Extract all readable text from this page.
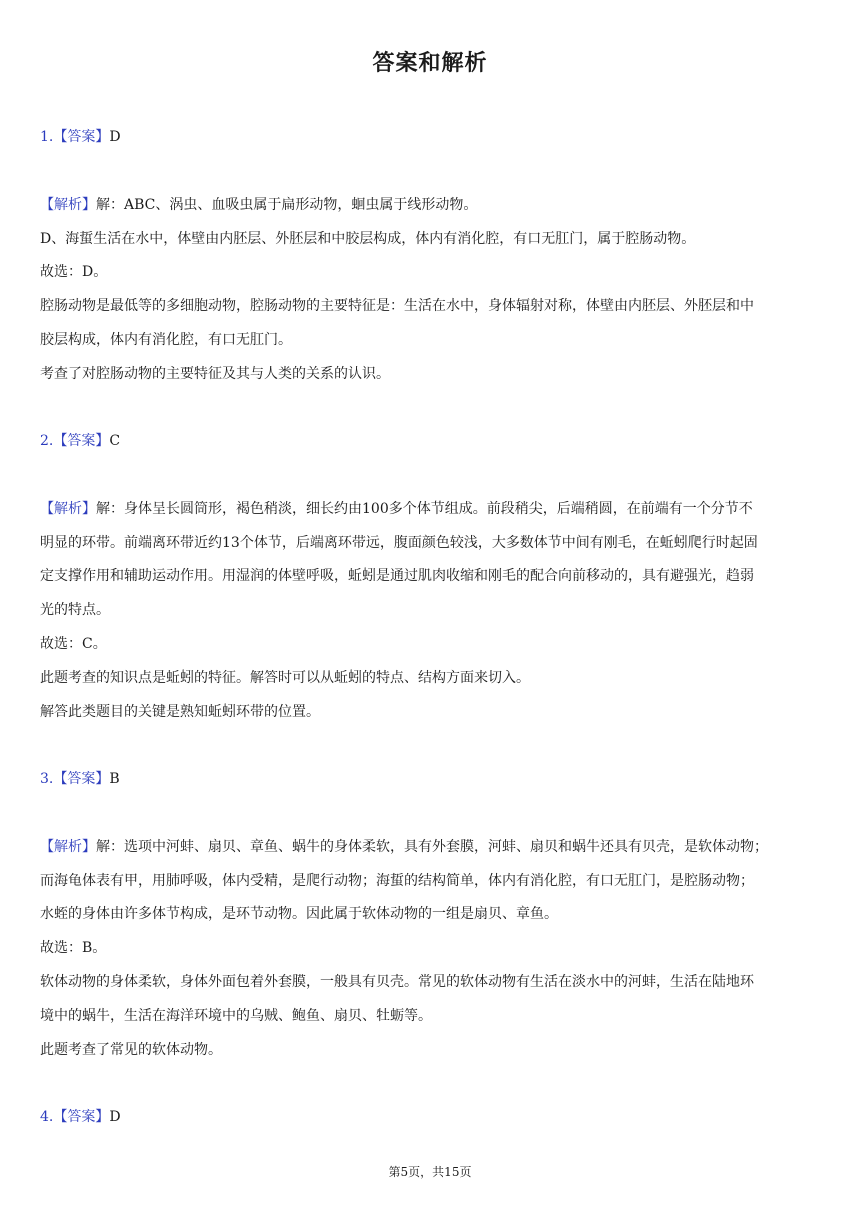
答案和解析
1.【答案】D
【解析】解：ABC、涡虫、血吸虫属于扁形动物，蛔虫属于线形动物。
D、海蜇生活在水中，体壁由内胚层、外胚层和中胶层构成，体内有消化腔，有口无肛门，属于腔肠动物。
故选：D。
腔肠动物是最低等的多细胞动物，腔肠动物的主要特征是：生活在水中，身体辐射对称，体壁由内胚层、外胚层和中
胶层构成，体内有消化腔，有口无肛门。
考查了对腔肠动物的主要特征及其与人类的关系的认识。
2.【答案】C
【解析】解：身体呈长圆筒形，褐色稍淡，细长约由100多个体节组成。前段稍尖，后端稍圆，在前端有一个分节不
明显的环带。前端离环带近约13个体节，后端离环带远，腹面颜色较浅，大多数体节中间有刚毛，在蚯蚓爬行时起固
定支撑作用和辅助运动作用。用湿润的体壁呼吸，蚯蚓是通过肌肉收缩和刚毛的配合向前移动的，具有避强光，趋弱
光的特点。
故选：C。
此题考查的知识点是蚯蚓的特征。解答时可以从蚯蚓的特点、结构方面来切入。
解答此类题目的关键是熟知蚯蚓环带的位置。
3.【答案】B
【解析】解：选项中河蚌、扇贝、章鱼、蜗牛的身体柔软，具有外套膜，河蚌、扇贝和蜗牛还具有贝壳，是软体动物；
而海龟体表有甲，用肺呼吸，体内受精，是爬行动物；海蜇的结构简单，体内有消化腔，有口无肛门，是腔肠动物；
水蛭的身体由许多体节构成，是环节动物。因此属于软体动物的一组是扇贝、章鱼。
故选：B。
软体动物的身体柔软，身体外面包着外套膜，一般具有贝壳。常见的软体动物有生活在淡水中的河蚌，生活在陆地环
境中的蜗牛，生活在海洋环境中的乌贼、鲍鱼、扇贝、牡蛎等。
此题考查了常见的软体动物。
4.【答案】D
第5页，共15页
